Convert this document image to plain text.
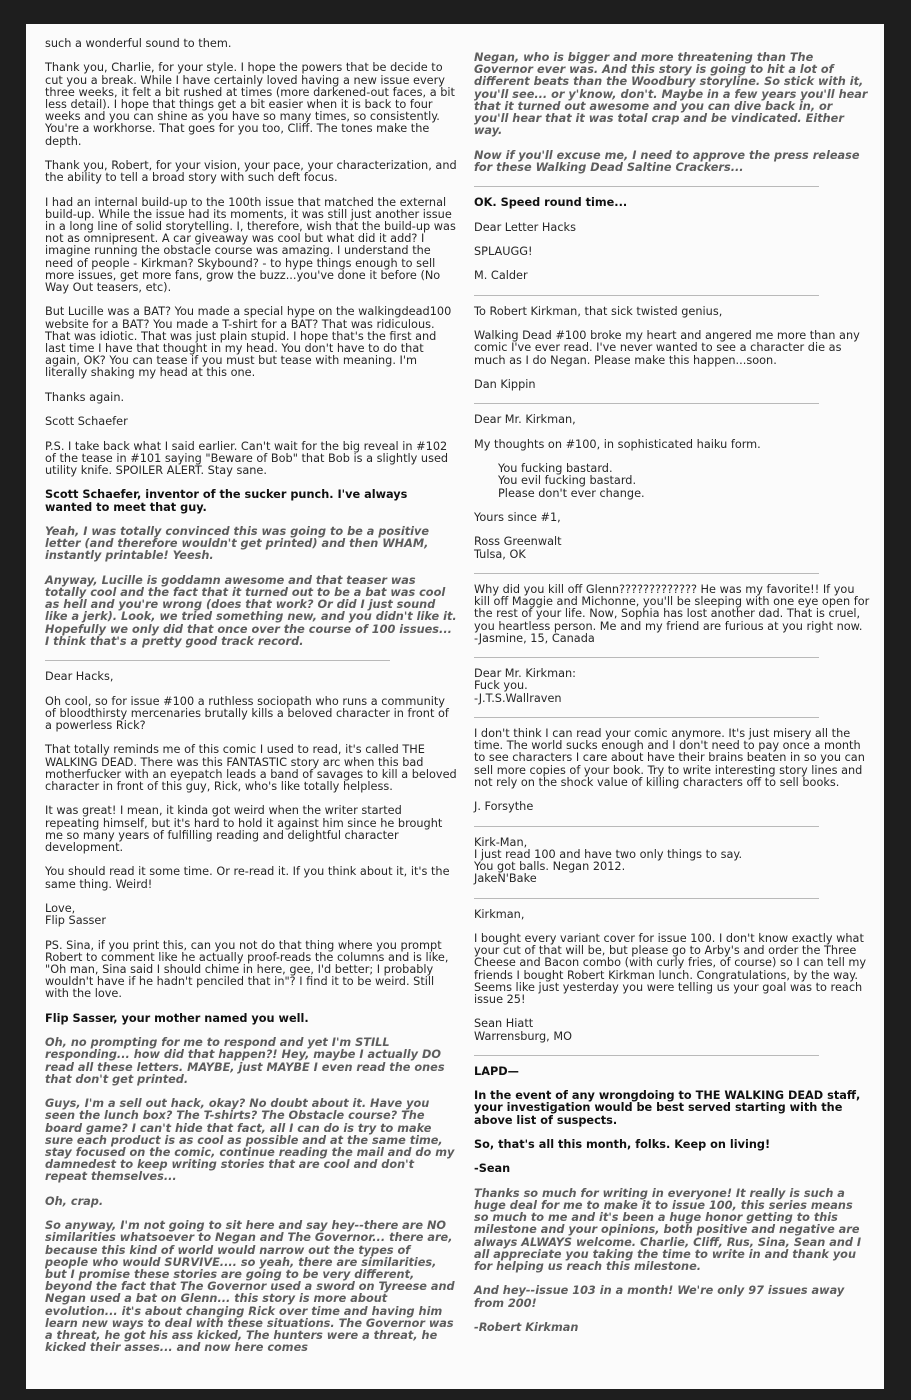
such a wonderful sound to them.

Thank you, Charlie, for your style. I hope the powers that be decide to cut you a break. While I have certainly loved having a new issue every three weeks, it felt a bit rushed at times (more darkened-out faces, a bit less detail). I hope that things get a bit easier when it is back to four weeks and you can shine as you have so many times, so consistently. You're a workhorse. That goes for you too, Cliff. The tones make the depth.

Thank you, Robert, for your vision, your pace, your characterization, and the ability to tell a broad story with such deft focus.

I had an internal build-up to the 100th issue that matched the external build-up. While the issue had its moments, it was still just another issue in a long line of solid storytelling. I, therefore, wish that the build-up was not as omnipresent. A car giveaway was cool but what did it add? I imagine running the obstacle course was amazing. I understand the need of people - Kirkman? Skybound? - to hype things enough to sell more issues, get more fans, grow the buzz...you've done it before (No Way Out teasers, etc).

But Lucille was a BAT? You made a special hype on the walkingdead100 website for a BAT? You made a T-shirt for a BAT? That was ridiculous. That was idiotic. That was just plain stupid. I hope that's the first and last time I have that thought in my head. You don't have to do that again, OK? You can tease if you must but tease with meaning. I'm literally shaking my head at this one.

Thanks again.

Scott Schaefer

P.S. I take back what I said earlier. Can't wait for the big reveal in #102 of the tease in #101 saying "Beware of Bob" that Bob is a slightly used utility knife. SPOILER ALERT. Stay sane.

Scott Schaefer, inventor of the sucker punch. I've always wanted to meet that guy.

Yeah, I was totally convinced this was going to be a positive letter (and therefore wouldn't get printed) and then WHAM, instantly printable! Yeesh.

Anyway, Lucille is goddamn awesome and that teaser was totally cool and the fact that it turned out to be a bat was cool as hell and you're wrong (does that work? Or did I just sound like a jerk). Look, we tried something new, and you didn't like it. Hopefully we only did that once over the course of 100 issues... I think that's a pretty good track record.

Dear Hacks,

Oh cool, so for issue #100 a ruthless sociopath who runs a community of bloodthirsty mercenaries brutally kills a beloved character in front of a powerless Rick?

That totally reminds me of this comic I used to read, it's called THE WALKING DEAD. There was this FANTASTIC story arc when this bad motherfucker with an eyepatch leads a band of savages to kill a beloved character in front of this guy, Rick, who's like totally helpless.

It was great! I mean, it kinda got weird when the writer started repeating himself, but it's hard to hold it against him since he brought me so many years of fulfilling reading and delightful character development.

You should read it some time. Or re-read it. If you think about it, it's the same thing. Weird!

Love,
Flip Sasser

PS. Sina, if you print this, can you not do that thing where you prompt Robert to comment like he actually proof-reads the columns and is like, "Oh man, Sina said I should chime in here, gee, I'd better; I probably wouldn't have if he hadn't penciled that in"? I find it to be weird. Still with the love.

Flip Sasser, your mother named you well.

Oh, no prompting for me to respond and yet I'm STILL responding... how did that happen?! Hey, maybe I actually DO read all these letters. MAYBE, just MAYBE I even read the ones that don't get printed.

Guys, I'm a sell out hack, okay? No doubt about it. Have you seen the lunch box? The T-shirts? The Obstacle course? The board game? I can't hide that fact, all I can do is try to make sure each product is as cool as possible and at the same time, stay focused on the comic, continue reading the mail and do my damnedest to keep writing stories that are cool and don't repeat themselves...

Oh, crap.

So anyway, I'm not going to sit here and say hey--there are NO similarities whatsoever to Negan and The Governor... there are, because this kind of world would narrow out the types of people who would SURVIVE.... so yeah, there are similarities, but I promise these stories are going to be very different, beyond the fact that The Governor used a sword on Tyreese and Negan used a bat on Glenn... this story is more about evolution... it's about changing Rick over time and having him learn new ways to deal with these situations. The Governor was a threat, he got his ass kicked, The hunters were a threat, he kicked their asses... and now here comes

Negan, who is bigger and more threatening than The Governor ever was. And this story is going to hit a lot of different beats than the Woodbury storyline. So stick with it, you'll see... or y'know, don't. Maybe in a few years you'll hear that it turned out awesome and you can dive back in, or you'll hear that it was total crap and be vindicated. Either way.

Now if you'll excuse me, I need to approve the press release for these Walking Dead Saltine Crackers...

OK. Speed round time...

Dear Letter Hacks

SPLAUGG!

M. Calder

To Robert Kirkman, that sick twisted genius,

Walking Dead #100 broke my heart and angered me more than any comic I've ever read. I've never wanted to see a character die as much as I do Negan. Please make this happen...soon.

Dan Kippin

Dear Mr. Kirkman,

My thoughts on #100, in sophisticated haiku form.

You fucking bastard.
You evil fucking bastard.
Please don't ever change.

Yours since #1,

Ross Greenwalt
Tulsa, OK

Why did you kill off Glenn????????????? He was my favorite!! If you kill off Maggie and Michonne, you'll be sleeping with one eye open for the rest of your life. Now, Sophia has lost another dad. That is cruel, you heartless person. Me and my friend are furious at you right now.
-Jasmine, 15, Canada

Dear Mr. Kirkman:
Fuck you.
-J.T.S.Wallraven

I don't think I can read your comic anymore. It's just misery all the time. The world sucks enough and I don't need to pay once a month to see characters I care about have their brains beaten in so you can sell more copies of your book. Try to write interesting story lines and not rely on the shock value of killing characters off to sell books.

J. Forsythe

Kirk-Man,
I just read 100 and have two only things to say.
You got balls. Negan 2012.
JakeN'Bake

Kirkman,

I bought every variant cover for issue 100. I don't know exactly what your cut of that will be, but please go to Arby's and order the Three Cheese and Bacon combo (with curly fries, of course) so I can tell my friends I bought Robert Kirkman lunch. Congratulations, by the way. Seems like just yesterday you were telling us your goal was to reach issue 25!

Sean Hiatt
Warrensburg, MO

LAPD—

In the event of any wrongdoing to THE WALKING DEAD staff, your investigation would be best served starting with the above list of suspects.

So, that's all this month, folks. Keep on living!

-Sean

Thanks so much for writing in everyone! It really is such a huge deal for me to make it to issue 100, this series means so much to me and it's been a huge honor getting to this milestone and your opinions, both positive and negative are always ALWAYS welcome. Charlie, Cliff, Rus, Sina, Sean and I all appreciate you taking the time to write in and thank you for helping us reach this milestone.

And hey--issue 103 in a month! We're only 97 issues away from 200!

-Robert Kirkman
